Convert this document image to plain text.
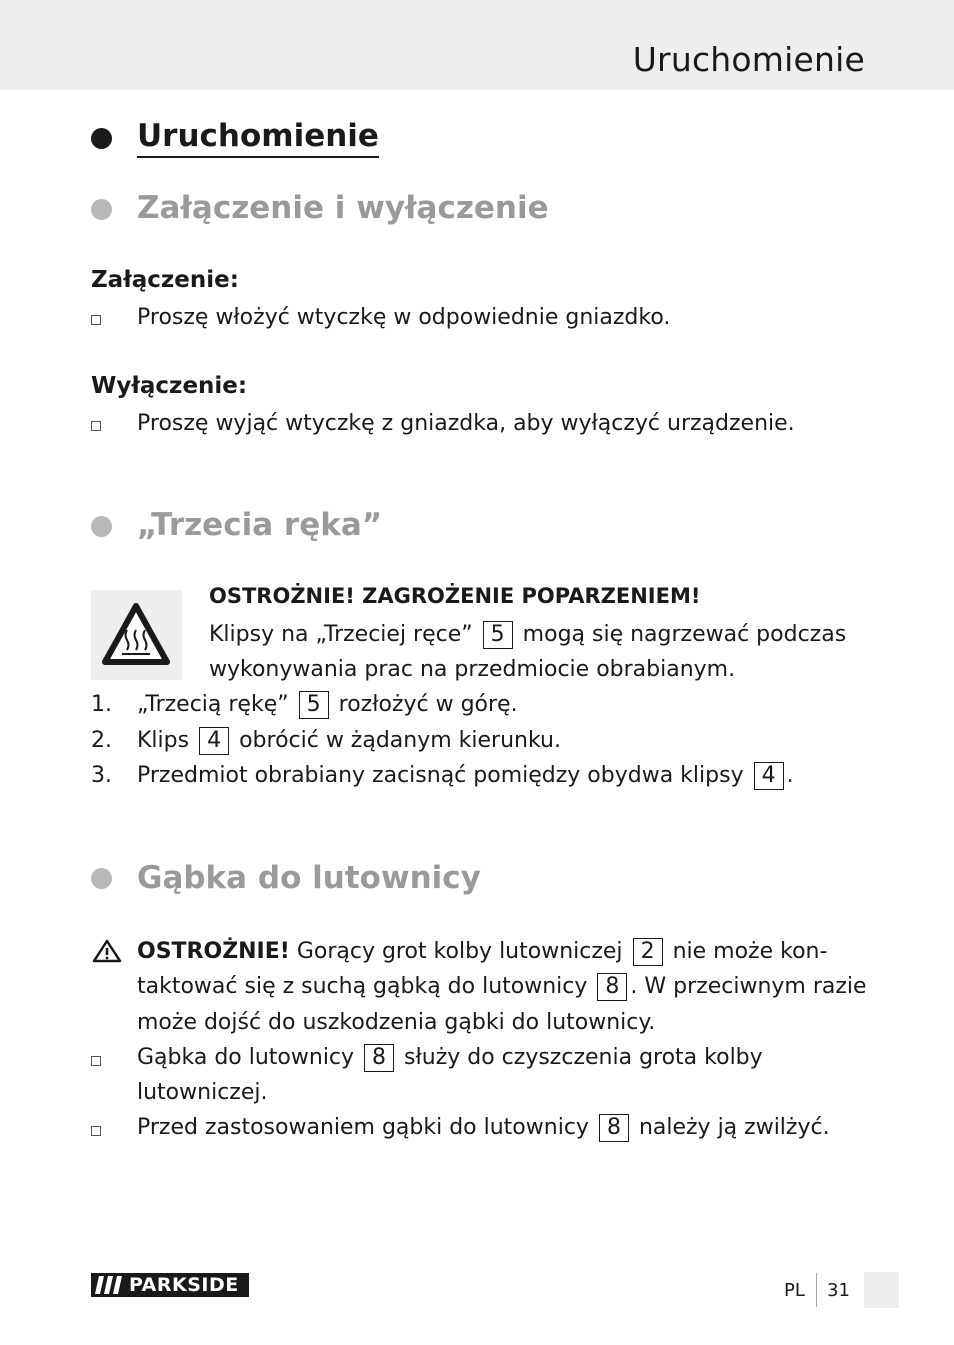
Uruchomienie
Uruchomienie
Załączenie i wyłączenie
Załączenie:
Proszę włożyć wtyczkę w odpowiednie gniazdko.
Wyłączenie:
Proszę wyjąć wtyczkę z gniazdka, aby wyłączyć urządzenie.
„Trzecia ręka”
OSTROŻNIE! ZAGROŻENIE POPARZENIEM!
Klipsy na „Trzeciej ręce” 5 mogą się nagrzewać podczas
wykonywania prac na przedmiocie obrabianym.
1. „Trzecią rękę” 5 rozłożyć w górę.
2. Klips 4 obrócić w żądanym kierunku.
3. Przedmiot obrabiany zacisnąć pomiędzy obydwa klipsy 4 .
Gąbka do lutownicy
OSTROŻNIE! Gorący grot kolby lutowniczej 2 nie może kon-
taktować się z suchą gąbką do lutownicy 8 . W przeciwnym razie
może dojść do uszkodzenia gąbki do lutownicy.
Gąbka do lutownicy 8 służy do czyszczenia grota kolby
lutowniczej.
Przed zastosowaniem gąbki do lutownicy 8 należy ją zwilżyć.
PARKSIDE	PL 31
